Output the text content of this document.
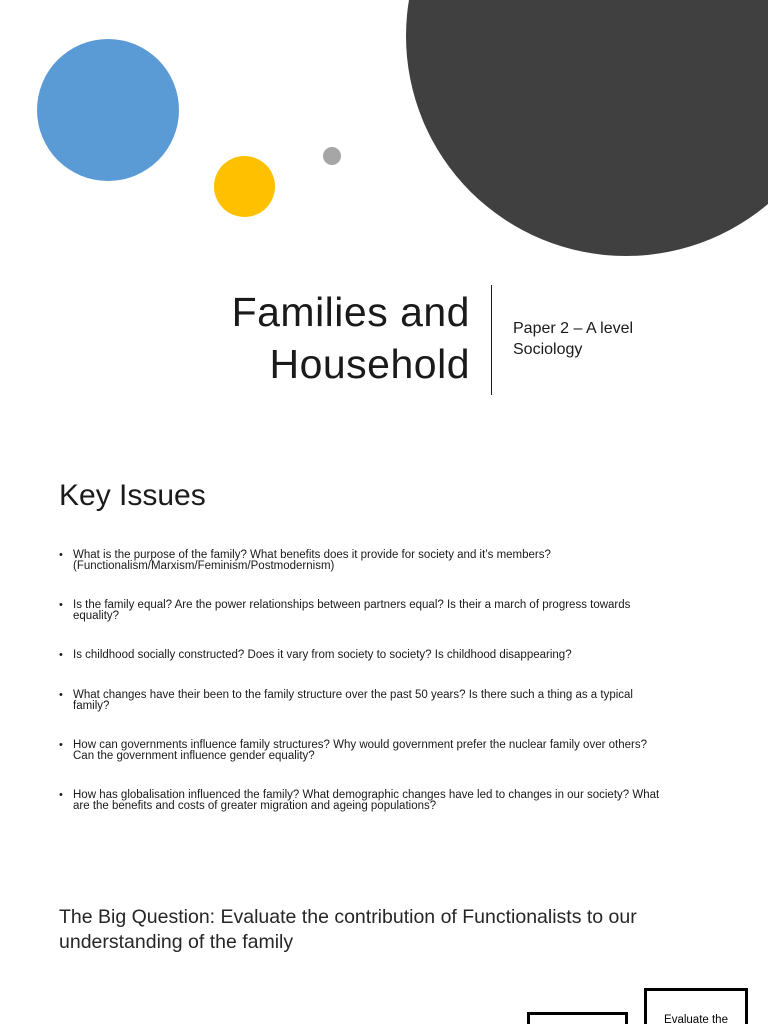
Families and
Household

Paper 2 – A level
Sociology

Key Issues
• What is the purpose of the family? What benefits does it provide for society and it’s members?
(Functionalism/Marxism/Feminism/Postmodernism)
• Is the family equal? Are the power relationships between partners equal? Is their a march of progress towards
equality?
• Is childhood socially constructed? Does it vary from society to society? Is childhood disappearing?
• What changes have their been to the family structure over the past 50 years? Is there such a thing as a typical
family?
• How can governments influence family structures? Why would government prefer the nuclear family over others?
Can the government influence gender equality?
• How has globalisation influenced the family? What demographic changes have led to changes in our society? What
are the benefits and costs of greater migration and ageing populations?

The Big Question: Evaluate the contribution of Functionalists to our understanding of the family

Evaluate the
